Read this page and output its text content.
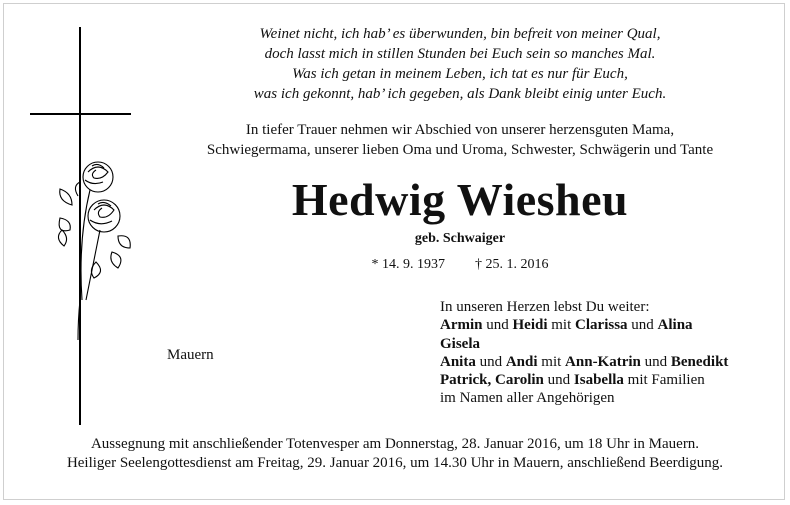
Weinet nicht, ich hab’ es überwunden, bin befreit von meiner Qual,
doch lasst mich in stillen Stunden bei Euch sein so manches Mal.
Was ich getan in meinem Leben, ich tat es nur für Euch,
was ich gekonnt, hab’ ich gegeben, als Dank bleibt einig unter Euch.
In tiefer Trauer nehmen wir Abschied von unserer herzensguten Mama,
Schwiegermama, unserer lieben Oma und Uroma, Schwester, Schwägerin und Tante
Hedwig Wiesheu
geb. Schwaiger
* 14. 9. 1937 † 25. 1. 2016
Mauern
In unseren Herzen lebst Du weiter:
Armin und Heidi mit Clarissa und Alina
Gisela
Anita und Andi mit Ann-Katrin und Benedikt
Patrick, Carolin und Isabella mit Familien
im Namen aller Angehörigen
Aussegnung mit anschließender Totenvesper am Donnerstag, 28. Januar 2016, um 18 Uhr in Mauern.
Heiliger Seelengottesdienst am Freitag, 29. Januar 2016, um 14.30 Uhr in Mauern, anschließend Beerdigung.
